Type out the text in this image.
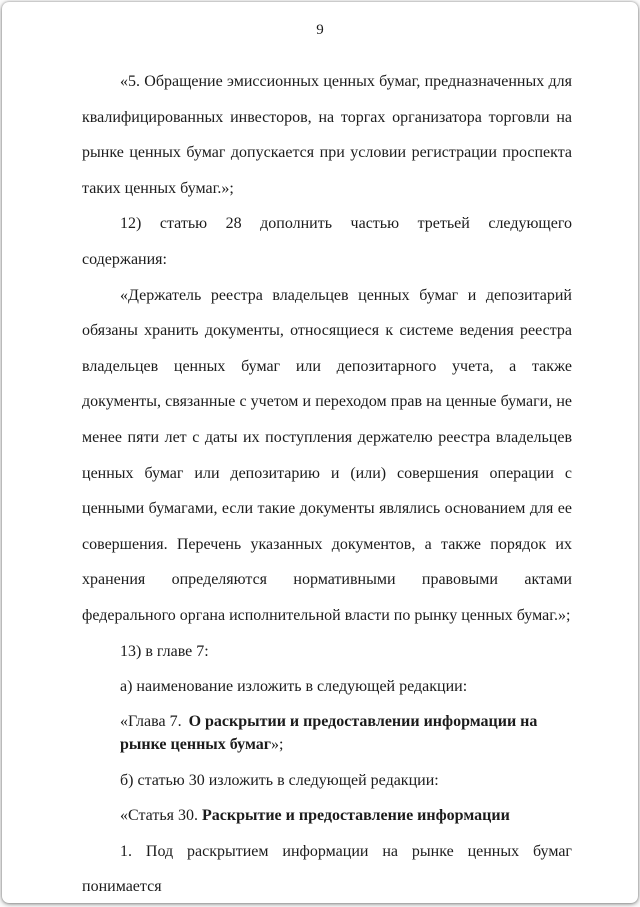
9

«5. Обращение эмиссионных ценных бумаг, предназначенных для квалифицированных инвесторов, на торгах организатора торговли на рынке ценных бумаг допускается при условии регистрации проспекта таких ценных бумаг.»;

12) статью 28 дополнить частью третьей следующего содержания:

«Держатель реестра владельцев ценных бумаг и депозитарий обязаны хранить документы, относящиеся к системе ведения реестра владельцев ценных бумаг или депозитарного учета, а также документы, связанные с учетом и переходом прав на ценные бумаги, не менее пяти лет с даты их поступления держателю реестра владельцев ценных бумаг или депозитарию и (или) совершения операции с ценными бумагами, если такие документы являлись основанием для ее совершения. Перечень указанных документов, а также порядок их хранения определяются нормативными правовыми актами федерального органа исполнительной власти по рынку ценных бумаг.»;

13) в главе 7:

а) наименование изложить в следующей редакции:

«Глава 7. О раскрытии и предоставлении информации на рынке ценных бумаг»;

б) статью 30 изложить в следующей редакции:

«Статья 30. Раскрытие и предоставление информации

1. Под раскрытием информации на рынке ценных бумаг понимается
